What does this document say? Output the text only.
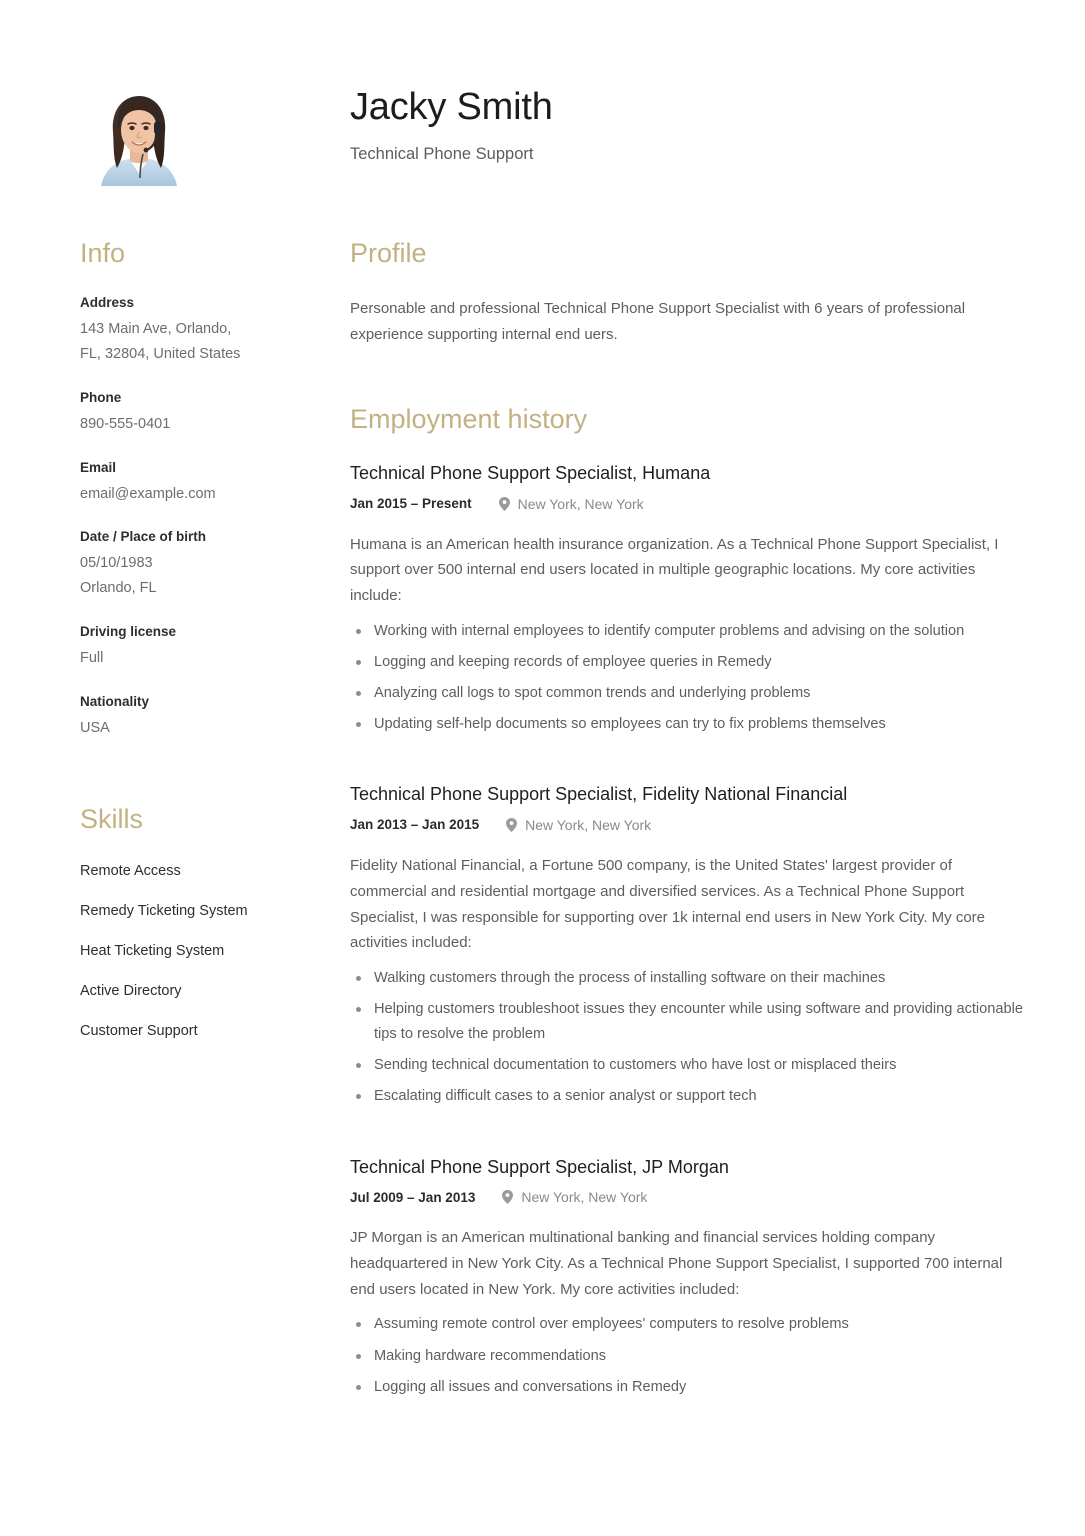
Jacky Smith
Technical Phone Support
Info
Address
143 Main Ave, Orlando,
FL, 32804, United States
Phone
890-555-0401
Email
email@example.com
Date / Place of birth
05/10/1983
Orlando, FL
Driving license
Full
Nationality
USA
Skills
Remote Access
Remedy Ticketing System
Heat Ticketing System
Active Directory
Customer Support
Profile

Personable and professional Technical Phone Support Specialist with 6 years of professional experience supporting internal end uers.

Employment history
Technical Phone Support Specialist, Humana
Jan 2015 – Present	New York, New York

Humana is an American health insurance organization. As a Technical Phone Support Specialist, I support over 500 internal end users located in multiple geographic locations. My core activities include:

Working with internal employees to identify computer problems and advising on the solution
Logging and keeping records of employee queries in Remedy
Analyzing call logs to spot common trends and underlying problems
Updating self-help documents so employees can try to fix problems themselves
Technical Phone Support Specialist, Fidelity National Financial
Jan 2013 – Jan 2015	New York, New York

Fidelity National Financial, a Fortune 500 company, is the United States' largest provider of commercial and residential mortgage and diversified services. As a Technical Phone Support Specialist, I was responsible for supporting over 1k internal end users in New York City. My core activities included:

Walking customers through the process of installing software on their machines
Helping customers troubleshoot issues they encounter while using software and providing actionable tips to resolve the problem
Sending technical documentation to customers who have lost or misplaced theirs
Escalating difficult cases to a senior analyst or support tech
Technical Phone Support Specialist, JP Morgan
Jul 2009 – Jan 2013	New York, New York

JP Morgan is an American multinational banking and financial services holding company headquartered in New York City. As a Technical Phone Support Specialist, I supported 700 internal end users located in New York. My core activities included:

Assuming remote control over employees' computers to resolve problems
Making hardware recommendations
Logging all issues and conversations in Remedy
